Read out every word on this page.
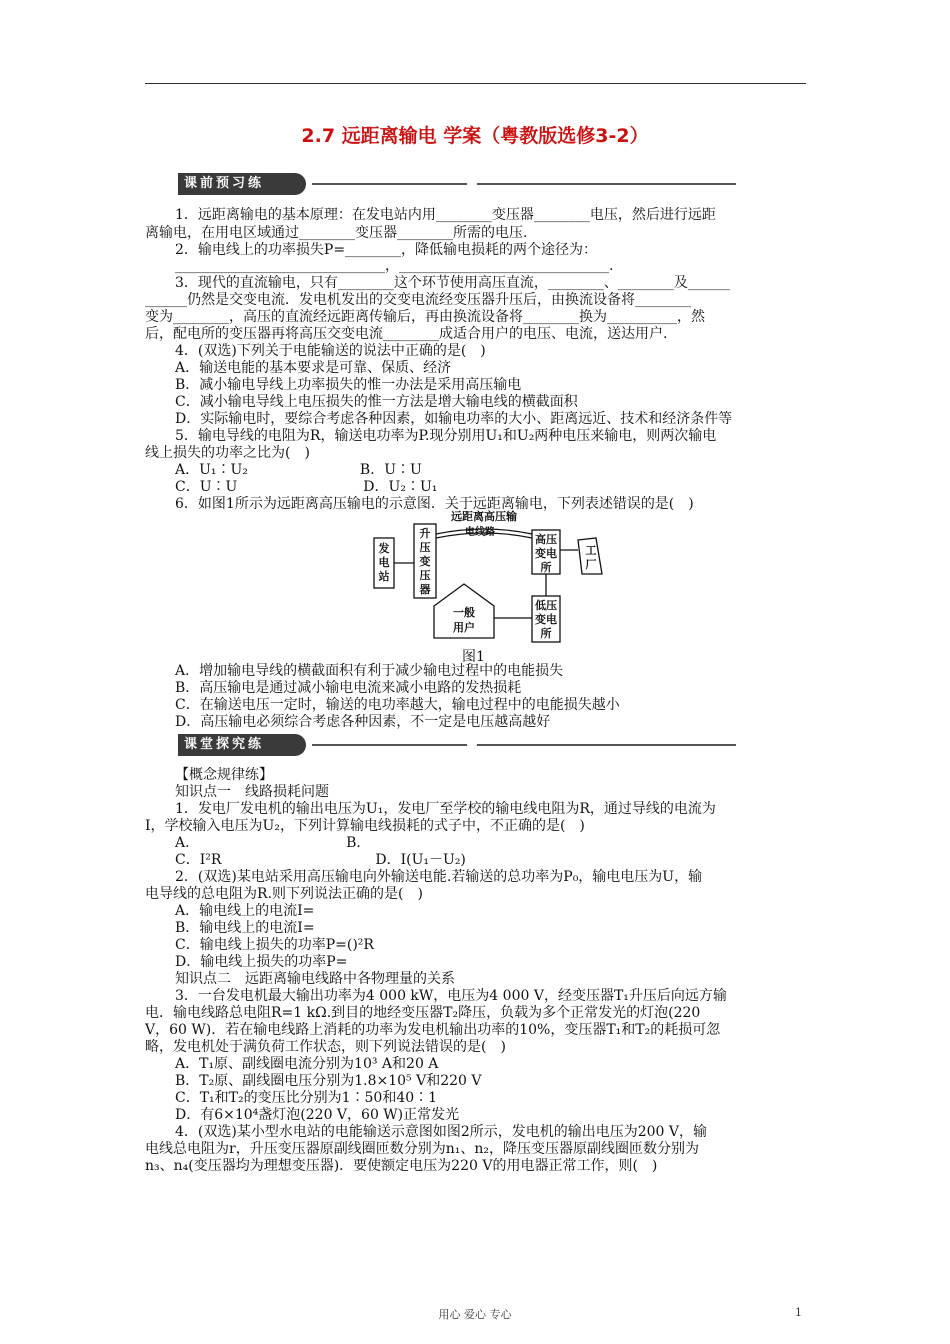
2.7 远距离输电 学案（粤教版选修3-2）
课前预习练
1．远距离输电的基本原理：在发电站内用________变压器________电压，然后进行远距
离输电，在用电区域通过________变压器________所需的电压.
2．输电线上的功率损失P=________，降低输电损耗的两个途径为：
______________________________，______________________________.
3．现代的直流输电，只有________这个环节使用高压直流，________、________及______
______仍然是交变电流．发电机发出的交变电流经变压器升压后，由换流设备将________
变为________，高压的直流经远距离传输后，再由换流设备将________换为__________，然
后，配电所的变压器再将高压交变电流________成适合用户的电压、电流，送达用户.
4．(双选)下列关于电能输送的说法中正确的是(　)
A．输送电能的基本要求是可靠、保质、经济
B．减小输电导线上功率损失的惟一办法是采用高压输电
C．减小输电导线上电压损失的惟一方法是增大输电线的横截面积
D．实际输电时，要综合考虑各种因素，如输电功率的大小、距离远近、技术和经济条件等
5．输电导线的电阻为R，输送电功率为P.现分别用U₁和U₂两种电压来输电，则两次输电
线上损失的功率之比为(　)
A．U₁∶U₂　　　　　　　　B．U∶U
C．U∶U　　　　　　　　　D．U₂∶U₁
6．如图1所示为远距离高压输电的示意图．关于远距离输电，下列表述错误的是(　)
发
电
站
升
压
变
压
器
远距离高压输
电线路
高压
变电
所
工
厂
低压
变电
所
一般
用户
图1
A．增加输电导线的横截面积有利于减少输电过程中的电能损失
B．高压输电是通过减小输电电流来减小电路的发热损耗
C．在输送电压一定时，输送的电功率越大，输电过程中的电能损失越小
D．高压输电必须综合考虑各种因素，不一定是电压越高越好
课堂探究练
【概念规律练】
知识点一　线路损耗问题
1．发电厂发电机的输出电压为U₁，发电厂至学校的输电线电阻为R，通过导线的电流为
I，学校输入电压为U₂，下列计算输电线损耗的式子中，不正确的是(　)
A．　　　　　　　　　　　B．
C．I²R　　　　　　　　　　　D．I(U₁－U₂)
2．(双选)某电站采用高压输电向外输送电能.若输送的总功率为P₀，输电电压为U，输
电导线的总电阻为R.则下列说法正确的是(　)
A．输电线上的电流I=
B．输电线上的电流I=
C．输电线上损失的功率P=()²R
D．输电线上损失的功率P=
知识点二　远距离输电线路中各物理量的关系
3．一台发电机最大输出功率为4 000 kW，电压为4 000 V，经变压器T₁升压后向远方输
电．输电线路总电阻R=1 kΩ.到目的地经变压器T₂降压，负载为多个正常发光的灯泡(220
V，60 W)．若在输电线路上消耗的功率为发电机输出功率的10%，变压器T₁和T₂的耗损可忽
略，发电机处于满负荷工作状态，则下列说法错误的是(　)
A．T₁原、副线圈电流分别为10³ A和20 A
B．T₂原、副线圈电压分别为1.8×10⁵ V和220 V
C．T₁和T₂的变压比分别为1∶50和40∶1
D．有6×10⁴盏灯泡(220 V，60 W)正常发光
4．(双选)某小型水电站的电能输送示意图如图2所示，发电机的输出电压为200 V，输
电线总电阻为r，升压变压器原副线圈匝数分别为n₁、n₂，降压变压器原副线圈匝数分别为
n₃、n₄(变压器均为理想变压器)．要使额定电压为220 V的用电器正常工作，则(　)
用心 爱心 专心	1
